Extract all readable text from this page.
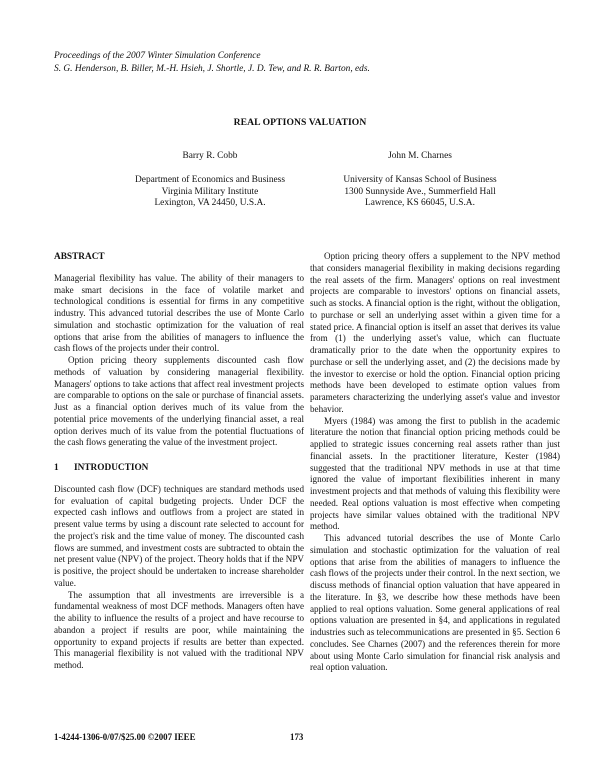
Proceedings of the 2007 Winter Simulation Conference
S. G. Henderson, B. Biller, M.-H. Hsieh, J. Shortle, J. D. Tew, and R. R. Barton, eds.
REAL OPTIONS VALUATION
Barry R. Cobb
Department of Economics and Business
Virginia Military Institute
Lexington, VA 24450, U.S.A.
John M. Charnes
University of Kansas School of Business
1300 Sunnyside Ave., Summerfield Hall
Lawrence, KS 66045, U.S.A.

ABSTRACT

Managerial flexibility has value. The ability of their managers to make smart decisions in the face of volatile market and technological conditions is essential for firms in any competitive industry. This advanced tutorial describes the use of Monte Carlo simulation and stochastic optimization for the valuation of real options that arise from the abilities of managers to influence the cash flows of the projects under their control.

Option pricing theory supplements discounted cash flow methods of valuation by considering managerial flexibility. Managers' options to take actions that affect real investment projects are comparable to options on the sale or purchase of financial assets. Just as a financial option derives much of its value from the potential price movements of the underlying financial asset, a real option derives much of its value from the potential fluctuations of the cash flows generating the value of the investment project.

1 INTRODUCTION

Discounted cash flow (DCF) techniques are standard methods used for evaluation of capital budgeting projects. Under DCF the expected cash inflows and outflows from a project are stated in present value terms by using a discount rate selected to account for the project's risk and the time value of money. The discounted cash flows are summed, and investment costs are subtracted to obtain the net present value (NPV) of the project. Theory holds that if the NPV is positive, the project should be undertaken to increase shareholder value.

The assumption that all investments are irreversible is a fundamental weakness of most DCF methods. Managers often have the ability to influence the results of a project and have recourse to abandon a project if results are poor, while maintaining the opportunity to expand projects if results are better than expected. This managerial flexibility is not valued with the traditional NPV method.

Option pricing theory offers a supplement to the NPV method that considers managerial flexibility in making decisions regarding the real assets of the firm. Managers' options on real investment projects are comparable to investors' options on financial assets, such as stocks. A financial option is the right, without the obligation, to purchase or sell an underlying asset within a given time for a stated price. A financial option is itself an asset that derives its value from (1) the underlying asset's value, which can fluctuate dramatically prior to the date when the opportunity expires to purchase or sell the underlying asset, and (2) the decisions made by the investor to exercise or hold the option. Financial option pricing methods have been developed to estimate option values from parameters characterizing the underlying asset's value and investor behavior.

Myers (1984) was among the first to publish in the academic literature the notion that financial option pricing methods could be applied to strategic issues concerning real assets rather than just financial assets. In the practitioner literature, Kester (1984) suggested that the traditional NPV methods in use at that time ignored the value of important flexibilities inherent in many investment projects and that methods of valuing this flexibility were needed. Real options valuation is most effective when competing projects have similar values obtained with the traditional NPV method.

This advanced tutorial describes the use of Monte Carlo simulation and stochastic optimization for the valuation of real options that arise from the abilities of managers to influence the cash flows of the projects under their control. In the next section, we discuss methods of financial option valuation that have appeared in the literature. In §3, we describe how these methods have been applied to real options valuation. Some general applications of real options valuation are presented in §4, and applications in regulated industries such as telecommunications are presented in §5. Section 6 concludes. See Charnes (2007) and the references therein for more about using Monte Carlo simulation for financial risk analysis and real option valuation.

1-4244-1306-0/07/$25.00 ©2007 IEEE	173
